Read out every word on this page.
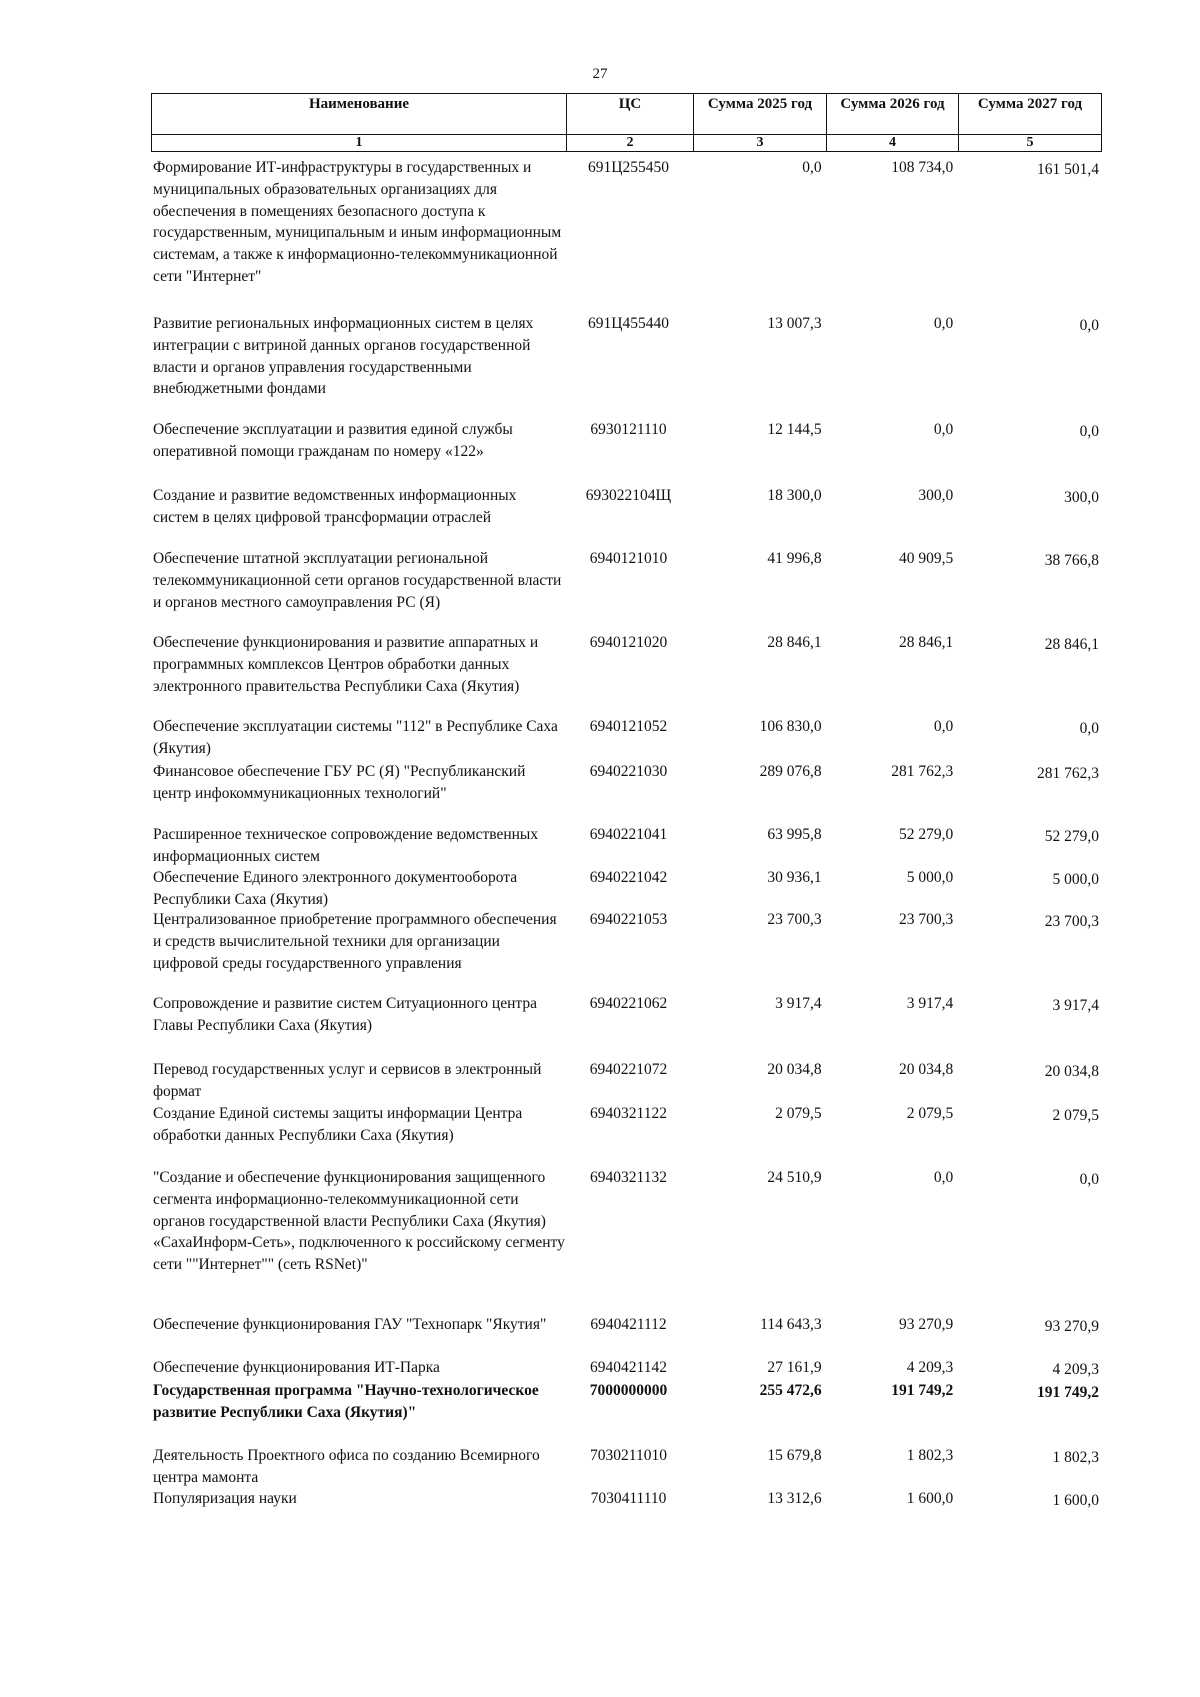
27
Наименование	ЦС	Сумма 2025 год	Сумма 2026 год	Сумма 2027 год
1	2	3	4	5
Формирование ИТ-инфраструктуры в государственных и муниципальных образовательных организациях для обеспечения в помещениях безопасного доступа к государственным, муниципальным и иным информационным системам, а также к информационно-телекоммуникационной сети "Интернет"
691Ц255450	0,0	108 734,0	161 501,4
Развитие региональных информационных систем в целях интеграции с витриной данных органов государственной власти и органов управления государственными внебюджетными фондами
691Ц455440	13 007,3	0,0	0,0
Обеспечение эксплуатации и развития единой службы оперативной помощи гражданам по номеру «122»
6930121110	12 144,5	0,0	0,0
Создание и развитие ведомственных информационных систем в целях цифровой трансформации отраслей
693022104Щ	18 300,0	300,0	300,0
Обеспечение штатной эксплуатации региональной телекоммуникационной сети органов государственной власти и органов местного самоуправления РС (Я)
6940121010	41 996,8	40 909,5	38 766,8
Обеспечение функционирования и развитие аппаратных и программных комплексов Центров обработки данных электронного правительства Республики Саха (Якутия)
6940121020	28 846,1	28 846,1	28 846,1
Обеспечение эксплуатации системы "112" в Республике Саха (Якутия)
6940121052	106 830,0	0,0	0,0
Финансовое обеспечение ГБУ РС (Я) "Республиканский центр инфокоммуникационных технологий"
6940221030	289 076,8	281 762,3	281 762,3
Расширенное техническое сопровождение ведомственных информационных систем
6940221041	63 995,8	52 279,0	52 279,0
Обеспечение Единого электронного документооборота Республики Саха (Якутия)
6940221042	30 936,1	5 000,0	5 000,0
Централизованное приобретение программного обеспечения и средств вычислительной техники для организации цифровой среды государственного управления
6940221053	23 700,3	23 700,3	23 700,3
Сопровождение и развитие систем Ситуационного центра Главы Республики Саха (Якутия)
6940221062	3 917,4	3 917,4	3 917,4
Перевод государственных услуг и сервисов в электронный формат
6940221072	20 034,8	20 034,8	20 034,8
Создание Единой системы защиты информации Центра обработки данных Республики Саха (Якутия)
6940321122	2 079,5	2 079,5	2 079,5
"Создание и обеспечение функционирования защищенного сегмента информационно-телекоммуникационной сети органов государственной власти Республики Саха (Якутия) «СахаИнформ-Сеть», подключенного к российскому сегменту сети ""Интернет"" (сеть RSNet)"
6940321132	24 510,9	0,0	0,0
Обеспечение функционирования ГАУ "Технопарк "Якутия"	6940421112	114 643,3	93 270,9	93 270,9
Обеспечение функционирования ИТ-Парка	6940421142	27 161,9	4 209,3	4 209,3
Государственная программа "Научно-технологическое развитие Республики Саха (Якутия)"
7000000000	255 472,6	191 749,2	191 749,2
Деятельность Проектного офиса по созданию Всемирного центра мамонта
7030211010	15 679,8	1 802,3	1 802,3
Популяризация науки	7030411110	13 312,6	1 600,0	1 600,0
